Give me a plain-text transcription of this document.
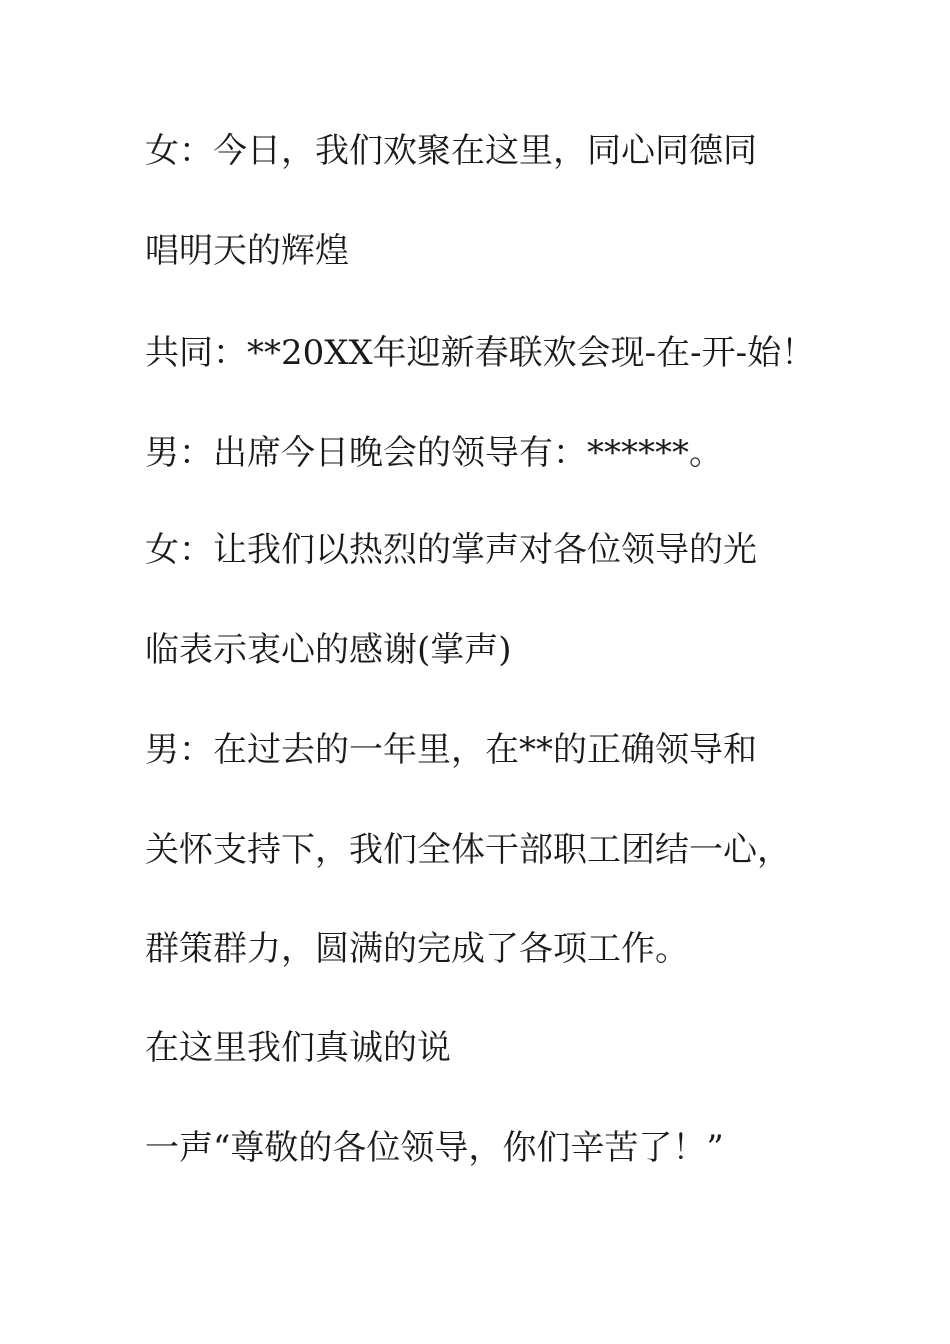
女：今日，我们欢聚在这里，同心同德同

唱明天的辉煌

共同：**20XX年迎新春联欢会现-在-开-始！

男：出席今日晚会的领导有：******。

女：让我们以热烈的掌声对各位领导的光

临表示衷心的感谢(掌声)

男：在过去的一年里，在**的正确领导和

关怀支持下，我们全体干部职工团结一心，

群策群力，圆满的完成了各项工作。

在这里我们真诚的说

一声“尊敬的各位领导，你们辛苦了！”
